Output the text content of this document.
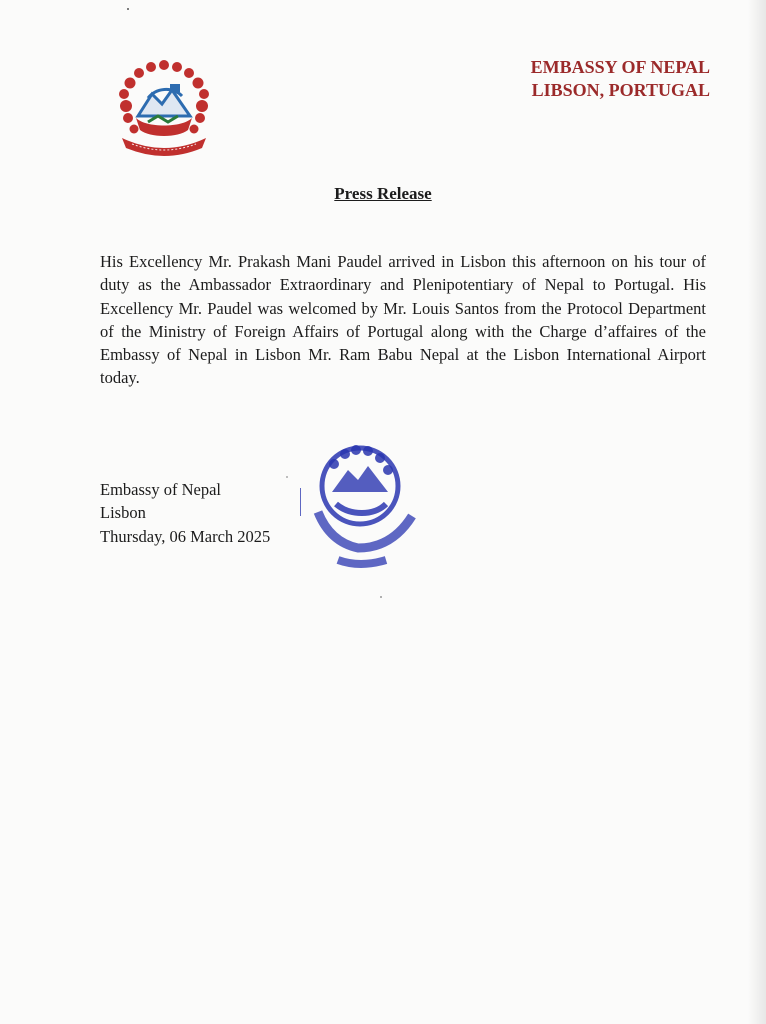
EMBASSY OF NEPAL
LIBSON, PORTUGAL
Press Release
His Excellency Mr. Prakash Mani Paudel arrived in Lisbon this afternoon on his tour of duty as the Ambassador Extraordinary and Plenipotentiary of Nepal to Portugal. His Excellency Mr. Paudel was welcomed by Mr. Louis Santos from the Protocol Department of the Ministry of Foreign Affairs of Portugal along with the Charge d’affaires of the Embassy of Nepal in Lisbon Mr. Ram Babu Nepal at the Lisbon International Airport today.
Embassy of Nepal
Lisbon
Thursday, 06 March 2025
